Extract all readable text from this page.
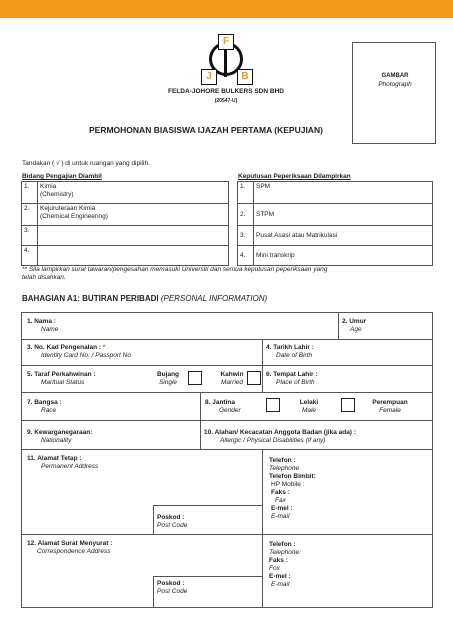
F
J	B
FELDA-JOHORE BULKERS SDN BHD
(20547-U)
GAMBAR
Photograph
PERMOHONAN BIASISWA IJAZAH PERTAMA (KEPUJIAN)
Tandakan ( √ ) di untuk ruangan yang dipilih.
Bidang Pengajian Diambil
1.	Kimia
(Chemistry)

2.	Kejuruteraan Kimia
(Chemical Engineering)

3.	
4.	
Keputusan Peperiksaan Dilampirkan
1.	SPM
2.	STPM
3.	Pusat Asasi atau Matrikulasi
4.	Mini transkrip
** Sila lampirkan surat tawaran/pengesahan memasuki Universiti dan semua keputusan peperiksaan yang
telah disahkan.
BAHAGIAN A1: BUTIRAN PERIBADI (PERSONAL INFORMATION)
1. Nama :
Name
2. Umur
Age
3. No. Kad Pengenalan : *
Identity Card No. / Passport No
4. Tarikh Lahir :
Date of Birth
5. Taraf Perkahwinan :
Maritual Status
Bujang
Single
Kahwin
Married
6. Tempat Lahir :
Place of Birth
7. Bangsa :
Race
8. Jantina
Gender
Lelaki
Male
Perempuan
Female
9. Kewarganegaraan:
Nationality
10. Alahan/ Kecacatan Anggota Badan (jika ada) :
Allergic / Physical Disabilities (if any)
11. Alamat Tetap :
Permanent Address
Poskod :
Post Code
Telefon :
Telephone
Telefon Bimbit:
HP Mobile :
Faks :
Fax
E-mel :
E-mail
12. Alamat Surat Menyurat :
Correspondence Address
Poskod :
Post Code
Telefon :
Telephone:
Faks :
Fox
E-mel :
E-mail
